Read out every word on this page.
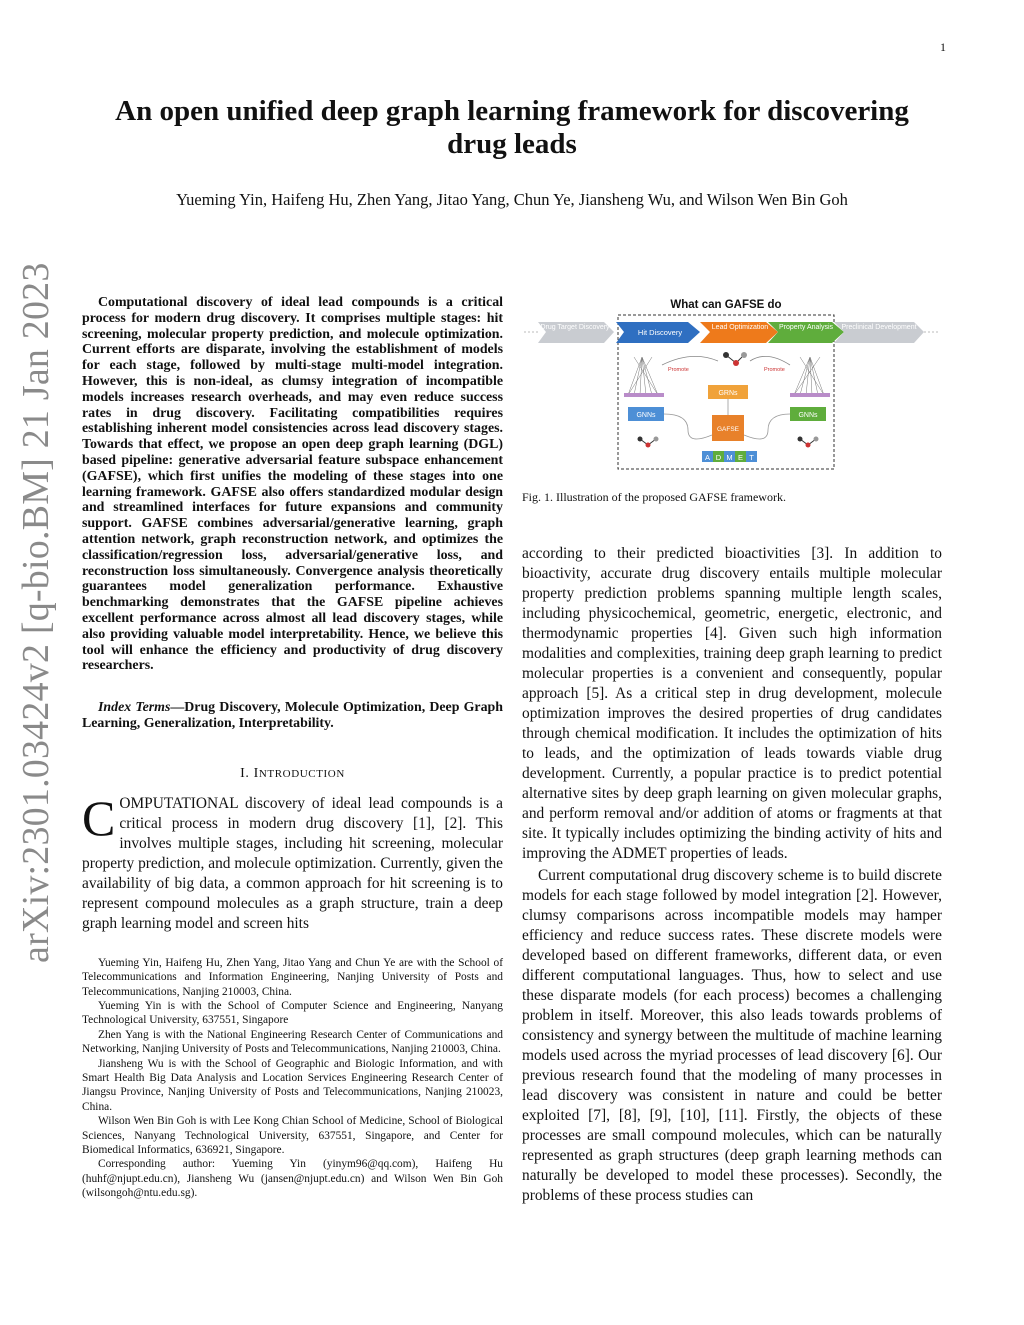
1
arXiv:2301.03424v2 [q-bio.BM] 21 Jan 2023
An open unified deep graph learning framework for discovering drug leads
Yueming Yin, Haifeng Hu, Zhen Yang, Jitao Yang, Chun Ye, Jiansheng Wu, and Wilson Wen Bin Goh

Computational discovery of ideal lead compounds is a critical process for modern drug discovery. It comprises multiple stages: hit screening, molecular property prediction, and molecule optimization. Current efforts are disparate, involving the establishment of models for each stage, followed by multi-stage multi-model integration. However, this is non-ideal, as clumsy integration of incompatible models increases research overheads, and may even reduce success rates in drug discovery. Facilitating compatibilities requires establishing inherent model consistencies across lead discovery stages. Towards that effect, we propose an open deep graph learning (DGL) based pipeline: generative adversarial feature subspace enhancement (GAFSE), which first unifies the modeling of these stages into one learning framework. GAFSE also offers standardized modular design and streamlined interfaces for future expansions and community support. GAFSE combines adversarial/generative learning, graph attention network, graph reconstruction network, and optimizes the classification/regression loss, adversarial/generative loss, and reconstruction loss simultaneously. Convergence analysis theoretically guarantees model generalization performance. Exhaustive benchmarking demonstrates that the GAFSE pipeline achieves excellent performance across almost all lead discovery stages, while also providing valuable model interpretability. Hence, we believe this tool will enhance the efficiency and productivity of drug discovery researchers.

Index Terms—Drug Discovery, Molecule Optimization, Deep Graph Learning, Generalization, Interpretability.

I. INTRODUCTION

COMPUTATIONAL discovery of ideal lead compounds is a critical process in modern drug discovery [1], [2]. This involves multiple stages, including hit screening, molecular property prediction, and molecule optimization. Currently, given the availability of big data, a common approach for hit screening is to represent compound molecules as a graph structure, train a deep graph learning model and screen hits

Yueming Yin, Haifeng Hu, Zhen Yang, Jitao Yang and Chun Ye are with the School of Telecommunications and Information Engineering, Nanjing University of Posts and Telecommunications, Nanjing 210003, China.

Yueming Yin is with the School of Computer Science and Engineering, Nanyang Technological University, 637551, Singapore

Zhen Yang is with the National Engineering Research Center of Communications and Networking, Nanjing University of Posts and Telecommunications, Nanjing 210003, China.

Jiansheng Wu is with the School of Geographic and Biologic Information, and with Smart Health Big Data Analysis and Location Services Engineering Research Center of Jiangsu Province, Nanjing University of Posts and Telecommunications, Nanjing 210023, China.

Wilson Wen Bin Goh is with Lee Kong Chian School of Medicine, School of Biological Sciences, Nanyang Technological University, 637551, Singapore, and Center for Biomedical Informatics, 636921, Singapore.

Corresponding author: Yueming Yin (yinym96@qq.com), Haifeng Hu (huhf@njupt.edu.cn), Jiansheng Wu (jansen@njupt.edu.cn) and Wilson Wen Bin Goh (wilsongoh@ntu.edu.sg).

What can GAFSE do
Drug Target Discovery
Hit Discovery
Lead Optimization Property Analysis Preclinical Development
Promote	Promote
GRNs
GNNs	GNNs
GAFSE
A D M E T
Fig. 1. Illustration of the proposed GAFSE framework.

according to their predicted bioactivities [3]. In addition to bioactivity, accurate drug discovery entails multiple molecular property prediction problems spanning multiple length scales, including physicochemical, geometric, energetic, electronic, and thermodynamic properties [4]. Given such high information modalities and complexities, training deep graph learning to predict molecular properties is a convenient and consequently, popular approach [5]. As a critical step in drug development, molecule optimization improves the desired properties of drug candidates through chemical modification. It includes the optimization of hits to leads, and the optimization of leads towards viable drug development. Currently, a popular practice is to predict potential alternative sites by deep graph learning on given molecular graphs, and perform removal and/or addition of atoms or fragments at that site. It typically includes optimizing the binding activity of hits and improving the ADMET properties of leads.

Current computational drug discovery scheme is to build discrete models for each stage followed by model integration [2]. However, clumsy comparisons across incompatible models may hamper efficiency and reduce success rates. These discrete models were developed based on different frameworks, different data, or even different computational languages. Thus, how to select and use these disparate models (for each process) becomes a challenging problem in itself. Moreover, this also leads towards problems of consistency and synergy between the multitude of machine learning models used across the myriad processes of lead discovery [6]. Our previous research found that the modeling of many processes in lead discovery was consistent in nature and could be better exploited [7], [8], [9], [10], [11]. Firstly, the objects of these processes are small compound molecules, which can be naturally represented as graph structures (deep graph learning methods can naturally be developed to model these processes). Secondly, the problems of these process studies can
